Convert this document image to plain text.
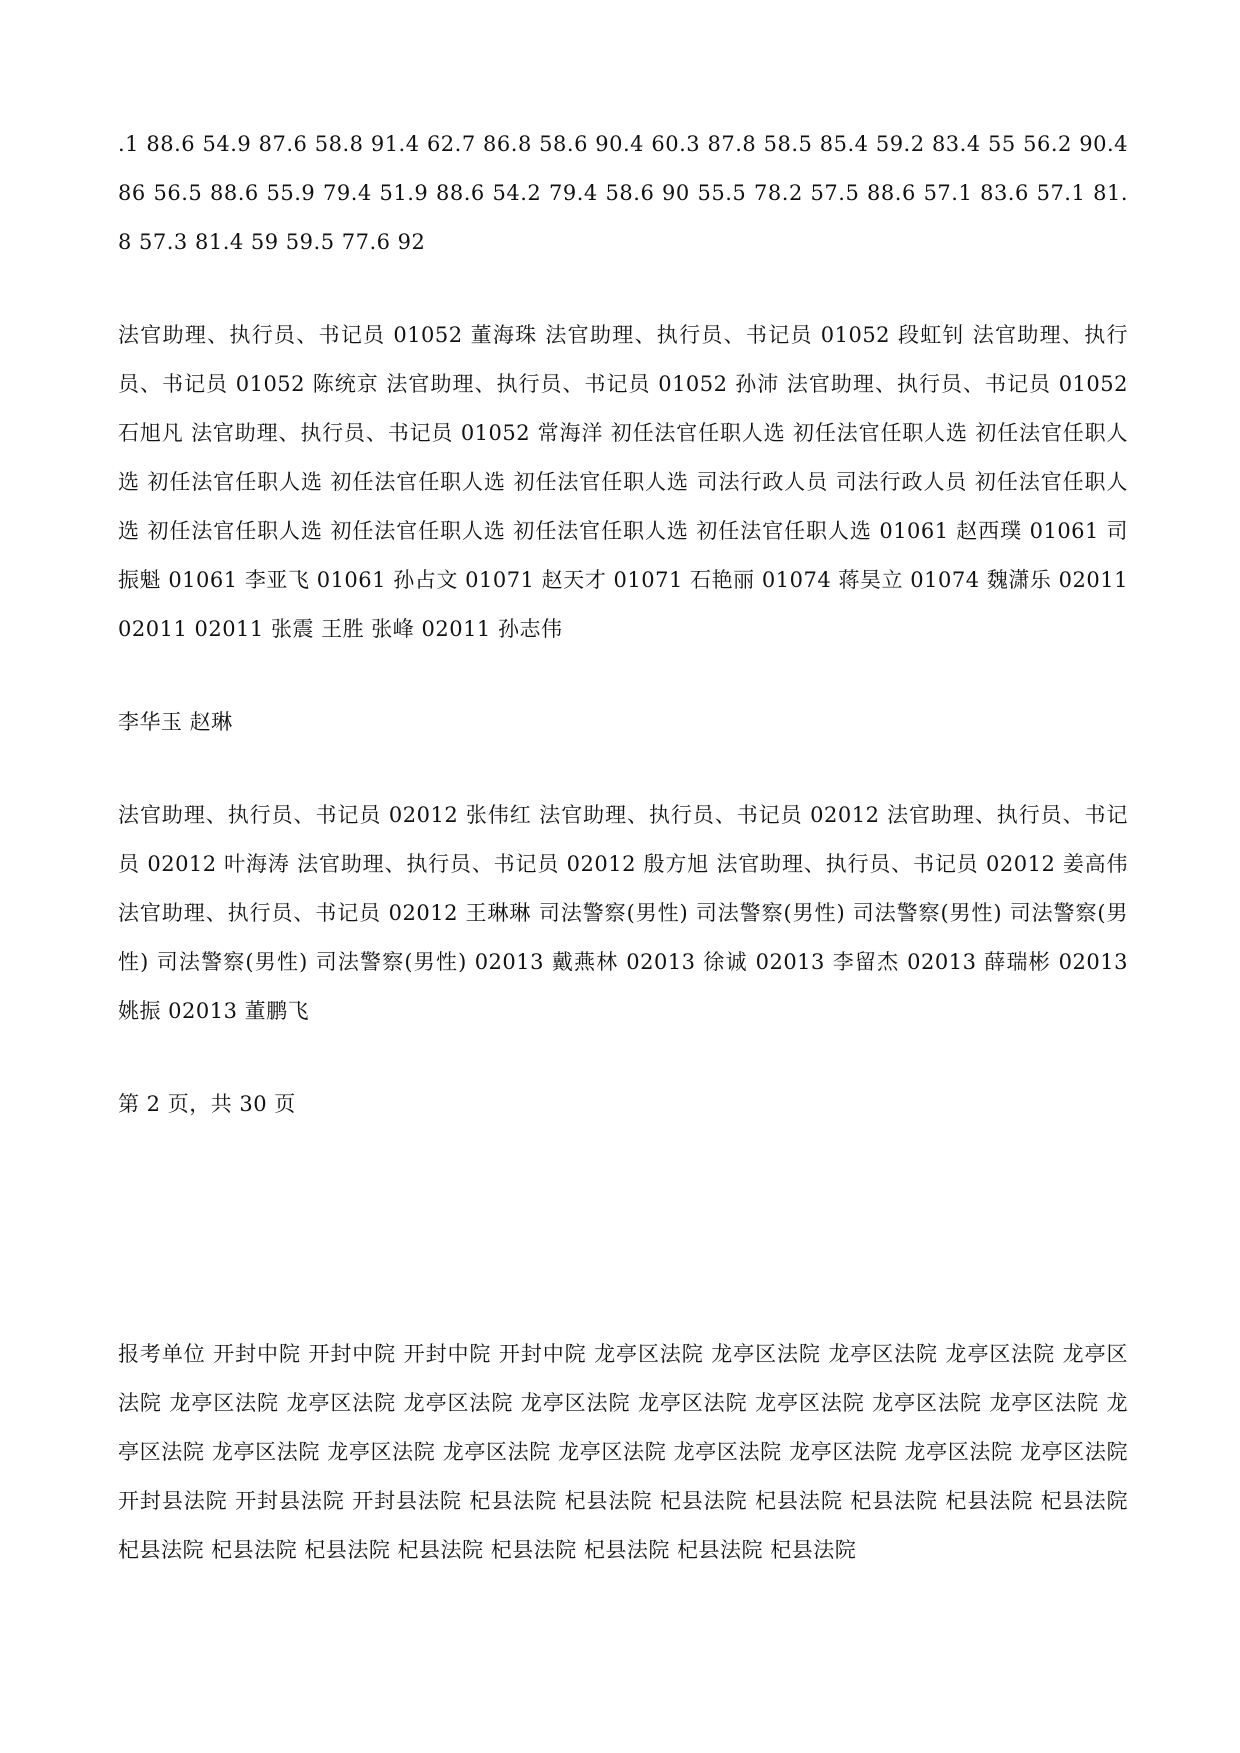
.1 88.6 54.9 87.6 58.8 91.4 62.7 86.8 58.6 90.4 60.3 87.8 58.5 85.4 59.2 83.4 55 56.2 90.4 86 56.5 88.6 55.9 79.4 51.9 88.6 54.2 79.4 58.6 90 55.5 78.2 57.5 88.6 57.1 83.6 57.1 81.8 57.3 81.4 59 59.5 77.6 92

法官助理、执行员、书记员 01052 董海珠 法官助理、执行员、书记员 01052 段虹钊 法官助理、执行员、书记员 01052 陈统京 法官助理、执行员、书记员 01052 孙沛 法官助理、执行员、书记员 01052 石旭凡 法官助理、执行员、书记员 01052 常海洋 初任法官任职人选 初任法官任职人选 初任法官任职人选 初任法官任职人选 初任法官任职人选 初任法官任职人选 司法行政人员 司法行政人员 初任法官任职人选 初任法官任职人选 初任法官任职人选 初任法官任职人选 初任法官任职人选 01061 赵西璞 01061 司振魁 01061 李亚飞 01061 孙占文 01071 赵天才 01071 石艳丽 01074 蒋昊立 01074 魏潇乐 02011 02011 02011 张震 王胜 张峰 02011 孙志伟

李华玉 赵琳

法官助理、执行员、书记员 02012 张伟红 法官助理、执行员、书记员 02012 法官助理、执行员、书记员 02012 叶海涛 法官助理、执行员、书记员 02012 殷方旭 法官助理、执行员、书记员 02012 姜高伟 法官助理、执行员、书记员 02012 王琳琳 司法警察(男性) 司法警察(男性) 司法警察(男性) 司法警察(男性) 司法警察(男性) 司法警察(男性) 02013 戴燕林 02013 徐诚 02013 李留杰 02013 薛瑞彬 02013 姚振 02013 董鹏飞

第 2 页，共 30 页

报考单位 开封中院 开封中院 开封中院 开封中院 龙亭区法院 龙亭区法院 龙亭区法院 龙亭区法院 龙亭区法院 龙亭区法院 龙亭区法院 龙亭区法院 龙亭区法院 龙亭区法院 龙亭区法院 龙亭区法院 龙亭区法院 龙亭区法院 龙亭区法院 龙亭区法院 龙亭区法院 龙亭区法院 龙亭区法院 龙亭区法院 龙亭区法院 龙亭区法院 开封县法院 开封县法院 开封县法院 杞县法院 杞县法院 杞县法院 杞县法院 杞县法院 杞县法院 杞县法院 杞县法院 杞县法院 杞县法院 杞县法院 杞县法院 杞县法院 杞县法院 杞县法院
